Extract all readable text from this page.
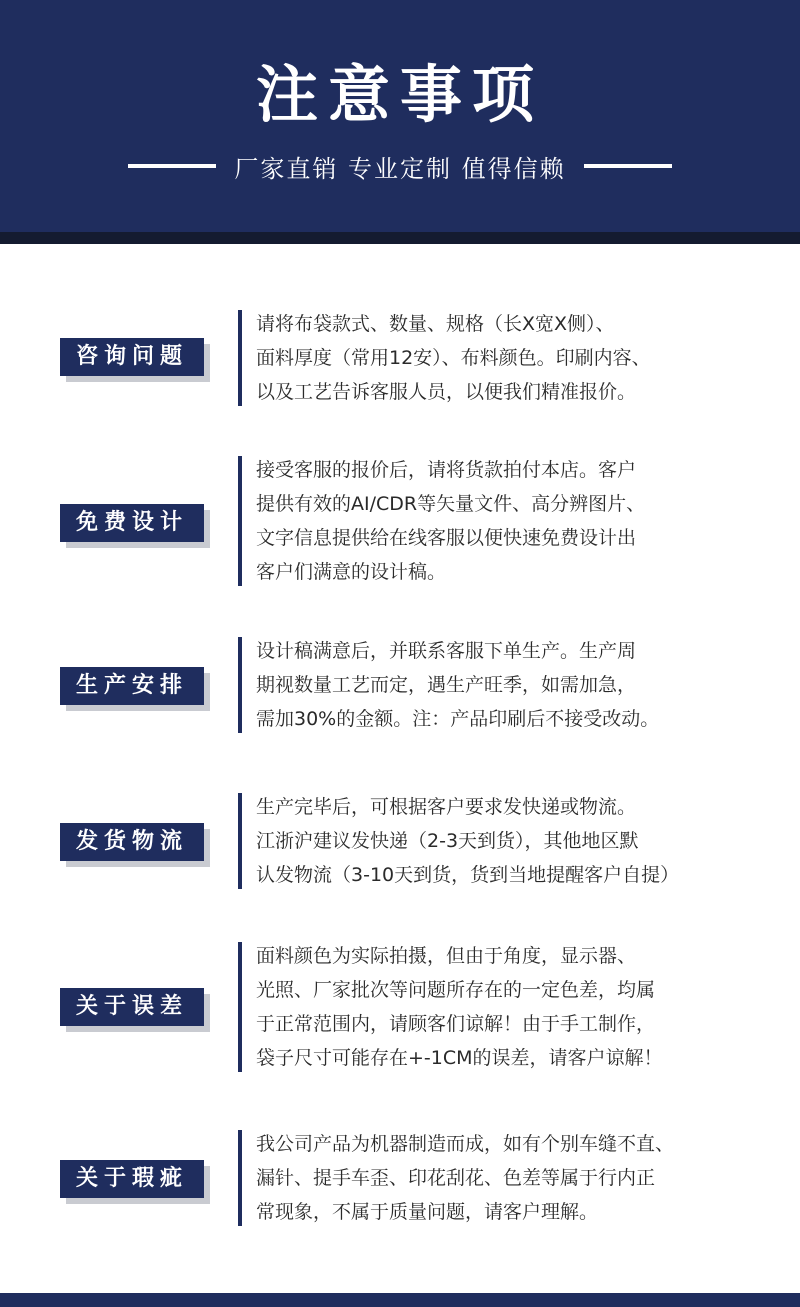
注意事项
厂家直销 专业定制 值得信赖
咨询问题
请将布袋款式、数量、规格（长X宽X侧）、
面料厚度（常用12安）、布料颜色。印刷内容、
以及工艺告诉客服人员，以便我们精准报价。
免费设计
接受客服的报价后，请将货款拍付本店。客户
提供有效的AI/CDR等矢量文件、高分辨图片、
文字信息提供给在线客服以便快速免费设计出
客户们满意的设计稿。
生产安排
设计稿满意后，并联系客服下单生产。生产周
期视数量工艺而定，遇生产旺季，如需加急，
需加30%的金额。注：产品印刷后不接受改动。
发货物流
生产完毕后，可根据客户要求发快递或物流。
江浙沪建议发快递（2-3天到货），其他地区默
认发物流（3-10天到货，货到当地提醒客户自提）
关于误差
面料颜色为实际拍摄，但由于角度，显示器、
光照、厂家批次等问题所存在的一定色差，均属
于正常范围内，请顾客们谅解！由于手工制作，
袋子尺寸可能存在+-1CM的误差，请客户谅解！
关于瑕疵
我公司产品为机器制造而成，如有个别车缝不直、
漏针、提手车歪、印花刮花、色差等属于行内正
常现象，不属于质量问题，请客户理解。
